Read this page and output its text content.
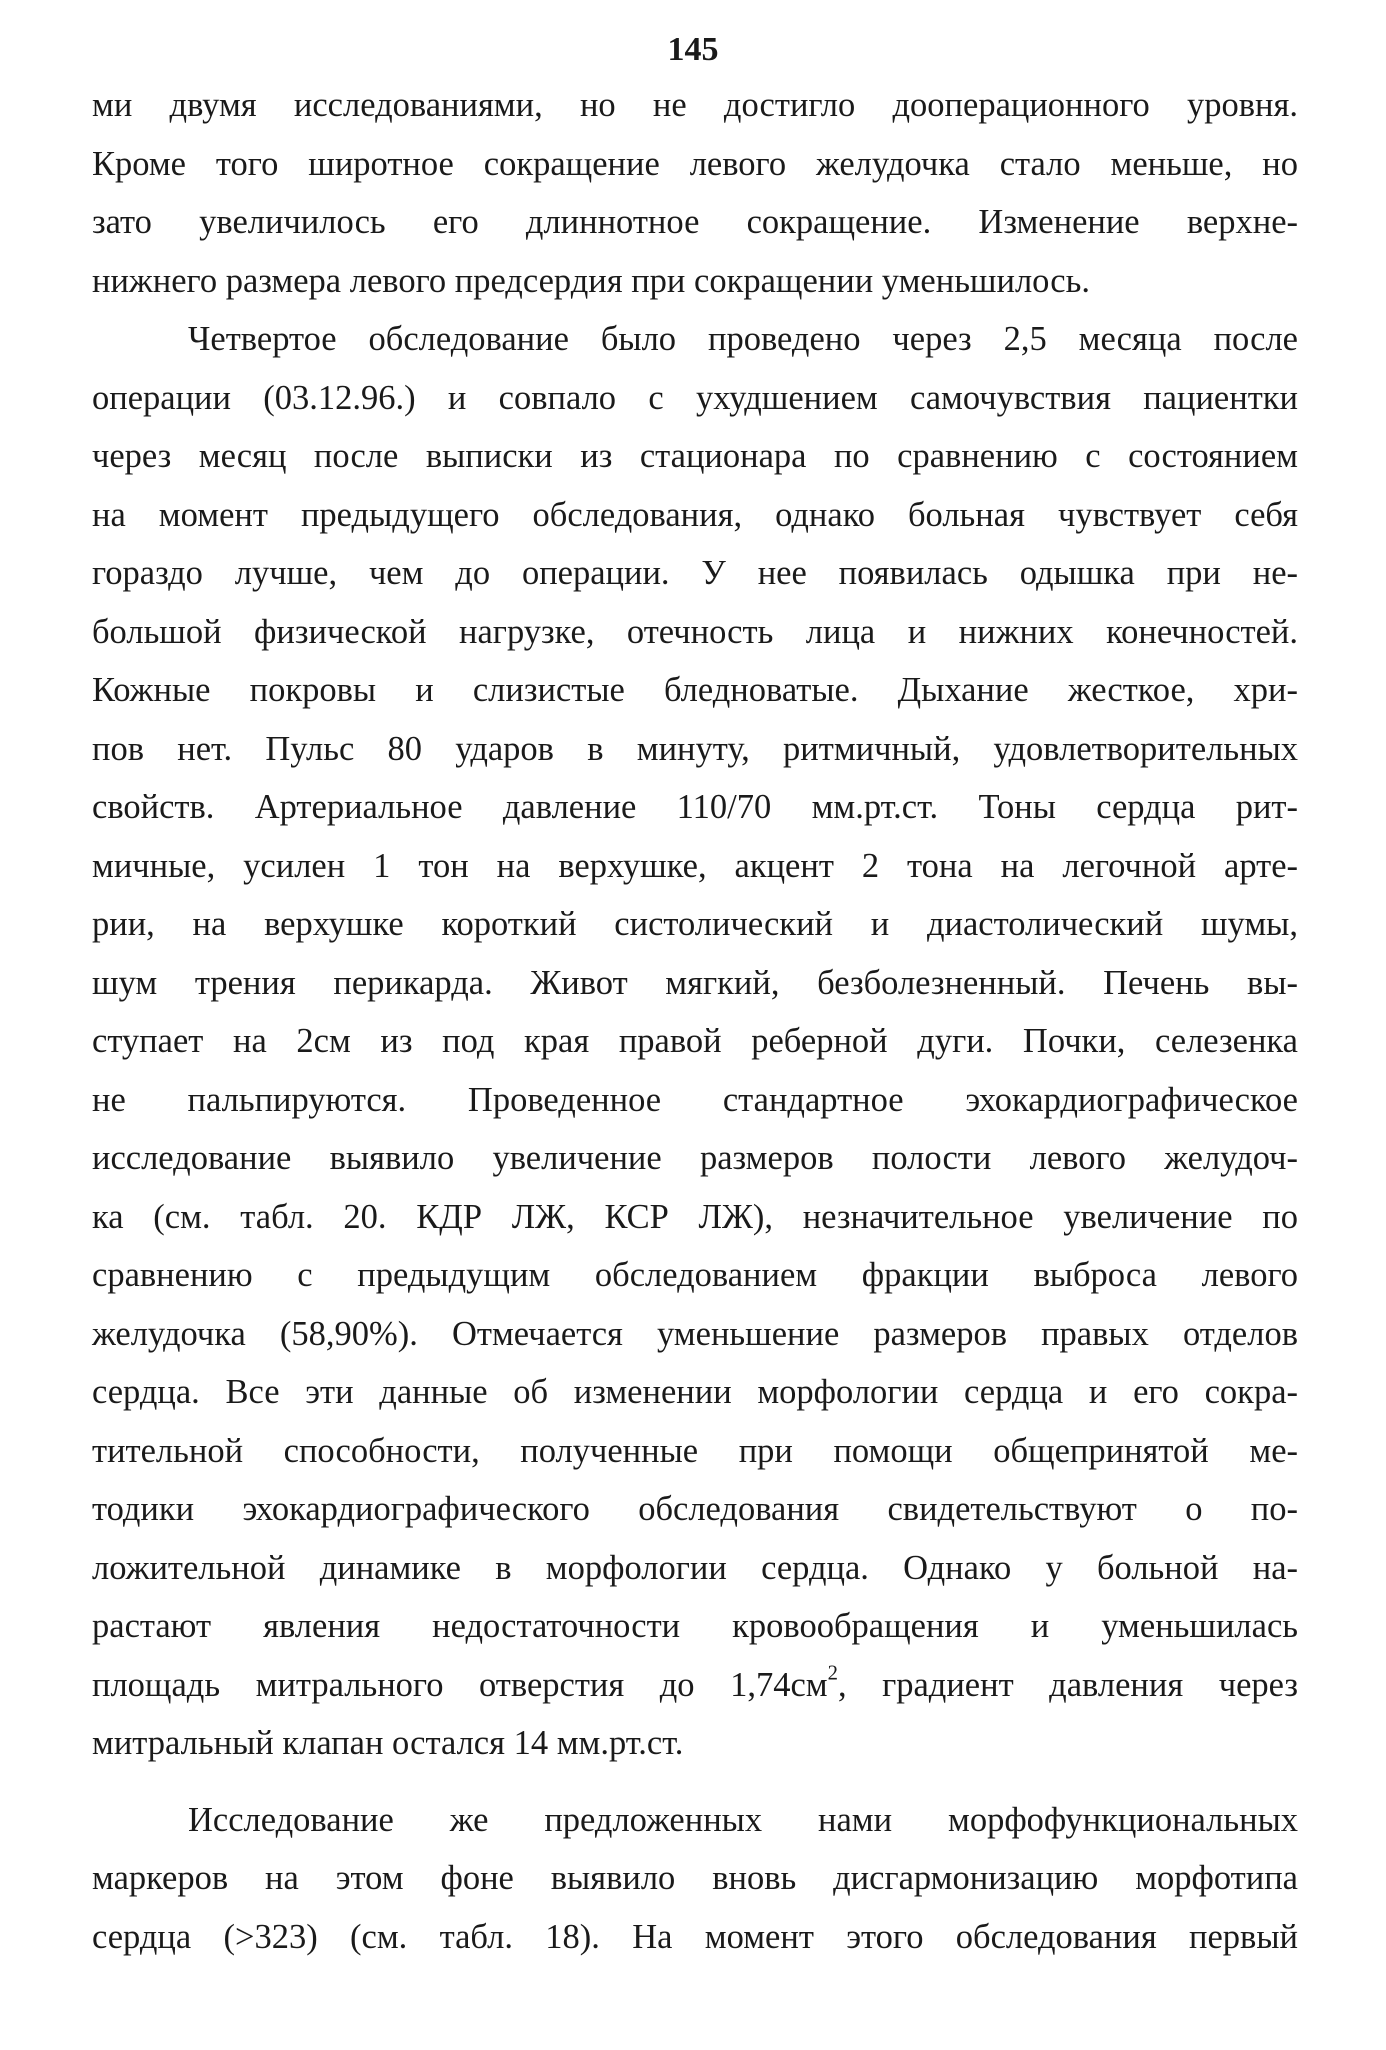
145
ми двумя исследованиями, но не достигло дооперационного уровня.
Кроме того широтное сокращение левого желудочка стало меньше, но
зато увеличилось его длиннотное сокращение. Изменение верхне-
нижнего размера левого предсердия при сокращении уменьшилось.
Четвертое обследование было проведено через 2,5 месяца после
операции (03.12.96.) и совпало с ухудшением самочувствия пациентки
через месяц после выписки из стационара по сравнению с состоянием
на момент предыдущего обследования, однако больная чувствует себя
гораздо лучше, чем до операции. У нее появилась одышка при не-
большой физической нагрузке, отечность лица и нижних конечностей.
Кожные покровы и слизистые бледноватые. Дыхание жесткое, хри-
пов нет. Пульс 80 ударов в минуту, ритмичный, удовлетворительных
свойств. Артериальное давление 110/70 мм.рт.ст. Тоны сердца рит-
мичные, усилен 1 тон на верхушке, акцент 2 тона на легочной арте-
рии, на верхушке короткий систолический и диастолический шумы,
шум трения перикарда. Живот мягкий, безболезненный. Печень вы-
ступает на 2см из под края правой реберной дуги. Почки, селезенка
не пальпируются. Проведенное стандартное эхокардиографическое
исследование выявило увеличение размеров полости левого желудоч-
ка (см. табл. 20. КДР ЛЖ, КСР ЛЖ), незначительное увеличение по
сравнению с предыдущим обследованием фракции выброса левого
желудочка (58,90%). Отмечается уменьшение размеров правых отделов
сердца. Все эти данные об изменении морфологии сердца и его сокра-
тительной способности, полученные при помощи общепринятой ме-
тодики эхокардиографического обследования свидетельствуют о по-
ложительной динамике в морфологии сердца. Однако у больной на-
растают явления недостаточности кровообращения и уменьшилась
площадь митрального отверстия до $1,74см^2$, градиент давления через
митральный клапан остался 14 мм.рт.ст.
Исследование же предложенных нами морфофункциональных
маркеров на этом фоне выявило вновь дисгармонизацию морфотипа
сердца (>323) (см. табл. 18). На момент этого обследования первый
